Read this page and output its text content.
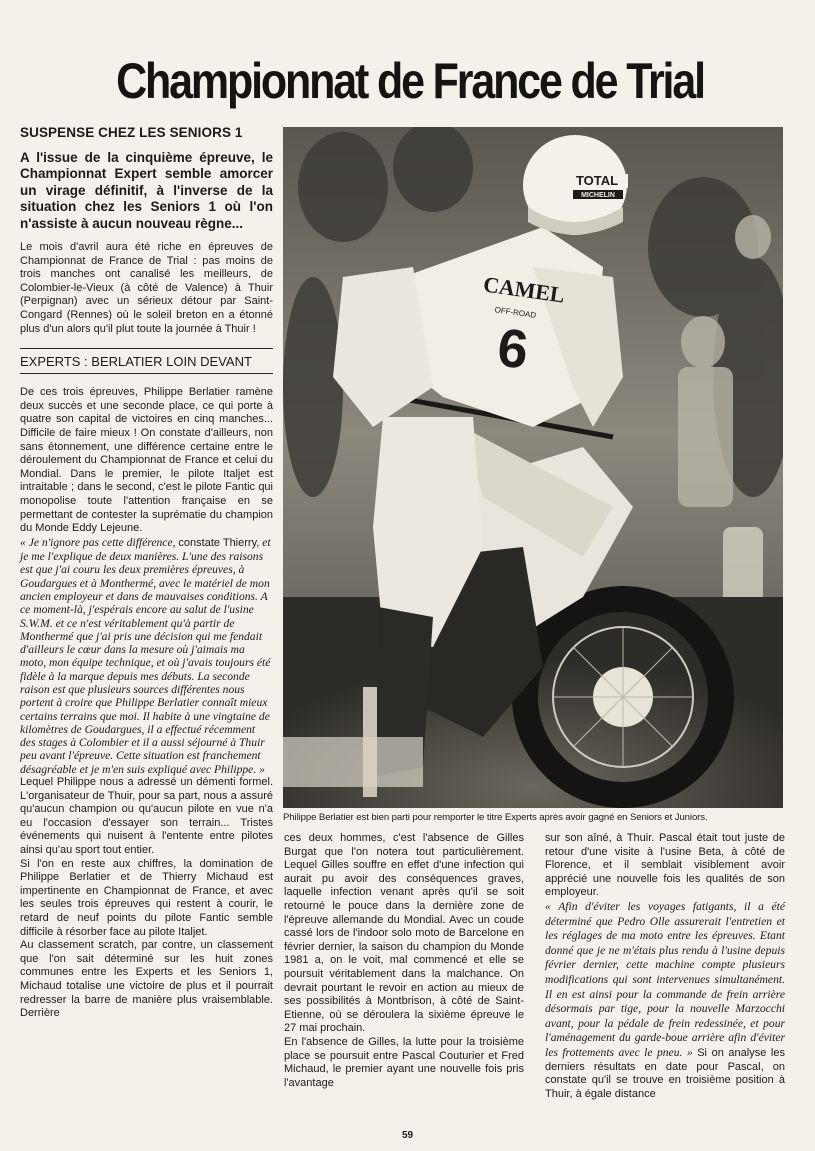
Championnat de France de Trial
SUSPENSE CHEZ LES SENIORS 1
A l'issue de la cinquième épreuve, le Championnat Expert semble amorcer un virage définitif, à l'inverse de la situation chez les Seniors 1 où l'on n'assiste à aucun nouveau règne...
Le mois d'avril aura été riche en épreuves de Championnat de France de Trial : pas moins de trois manches ont canalisé les meilleurs, de Colombier-le-Vieux (à côté de Valence) à Thuir (Perpignan) avec un sérieux détour par Saint-Congard (Rennes) où le soleil breton en a étonné plus d'un alors qu'il plut toute la journée à Thuir !
EXPERTS : BERLATIER LOIN DEVANT
De ces trois épreuves, Philippe Berlatier ramène deux succès et une seconde place, ce qui porte à quatre son capital de victoires en cinq manches... Difficile de faire mieux ! On constate d'ailleurs, non sans étonnement, une différence certaine entre le déroulement du Championnat de France et celui du Mondial. Dans le premier, le pilote Italjet est intraitable ; dans le second, c'est le pilote Fantic qui monopolise toute l'attention française en se permettant de contester la suprématie du champion du Monde Eddy Lejeune.
« Je n'ignore pas cette différence, constate Thierry, et je me l'explique de deux manières. L'une des raisons est que j'ai couru les deux premières épreuves, à Goudargues et à Monthermé, avec le matériel de mon ancien employeur et dans de mauvaises conditions. A ce moment-là, j'espérais encore au salut de l'usine S.W.M. et ce n'est véritablement qu'à partir de Monthermé que j'ai pris une décision qui me fendait d'ailleurs le cœur dans la mesure où j'aimais ma moto, mon équipe technique, et où j'avais toujours été fidèle à la marque depuis mes débuts. La seconde raison est que plusieurs sources différentes nous portent à croire que Philippe Berlatier connaît mieux certains terrains que moi. Il habite à une vingtaine de kilomètres de Goudargues, il a effectué récemment des stages à Colombier et il a aussi séjourné à Thuir peu avant l'épreuve. Cette situation est franchement désagréable et je m'en suis expliqué avec Philippe. »
Lequel Philippe nous a adressé un démenti formel. L'organisateur de Thuir, pour sa part, nous a assuré qu'aucun champion ou qu'aucun pilote en vue n'a eu l'occasion d'essayer son terrain... Tristes événements qui nuisent à l'entente entre pilotes ainsi qu'au sport tout entier.
Si l'on en reste aux chiffres, la domination de Philippe Berlatier et de Thierry Michaud est impertinente en Championnat de France, et avec les seules trois épreuves qui restent à courir, le retard de neuf points du pilote Fantic semble difficile à résorber face au pilote Italjet.
Au classement scratch, par contre, un classement que l'on sait déterminé sur les huit zones communes entre les Experts et les Seniors 1, Michaud totalise une victoire de plus et il pourrait redresser la barre de manière plus vraisemblable. Derrière
TOTAL
MICHELIN
CAMEL
OFF-ROAD
6
Philippe Berlatier est bien parti pour remporter le titre Experts après avoir gagné en Seniors et Juniors.
ces deux hommes, c'est l'absence de Gilles Burgat que l'on notera tout particulièrement. Lequel Gilles souffre en effet d'une infection qui aurait pu avoir des conséquences graves, laquelle infection venant après qu'il se soit retourné le pouce dans la dernière zone de l'épreuve allemande du Mondial. Avec un coude cassé lors de l'indoor solo moto de Barcelone en février dernier, la saison du champion du Monde 1981 a, on le voit, mal commencé et elle se poursuit véritablement dans la malchance. On devrait pourtant le revoir en action au mieux de ses possibilités à Montbrison, à côté de Saint-Etienne, où se déroulera la sixième épreuve le 27 mai prochain.
En l'absence de Gilles, la lutte pour la troisième place se poursuit entre Pascal Couturier et Fred Michaud, le premier ayant une nouvelle fois pris l'avantage
sur son aîné, à Thuir. Pascal était tout juste de retour d'une visite à l'usine Beta, à côté de Florence, et il semblait visiblement avoir apprécié une nouvelle fois les qualités de son employeur.
« Afin d'éviter les voyages fatigants, il a été déterminé que Pedro Olle assurerait l'entretien et les réglages de ma moto entre les épreuves. Etant donné que je ne m'étais plus rendu à l'usine depuis février dernier, cette machine compte plusieurs modifications qui sont intervenues simultanément. Il en est ainsi pour la commande de frein arrière désormais par tige, pour la nouvelle Marzocchi avant, pour la pédale de frein redessinée, et pour l'aménagement du garde-boue arrière afin d'éviter les frottements avec le pneu. » Si on analyse les derniers résultats en date pour Pascal, on constate qu'il se trouve en troisième position à Thuir, à égale distance
59
